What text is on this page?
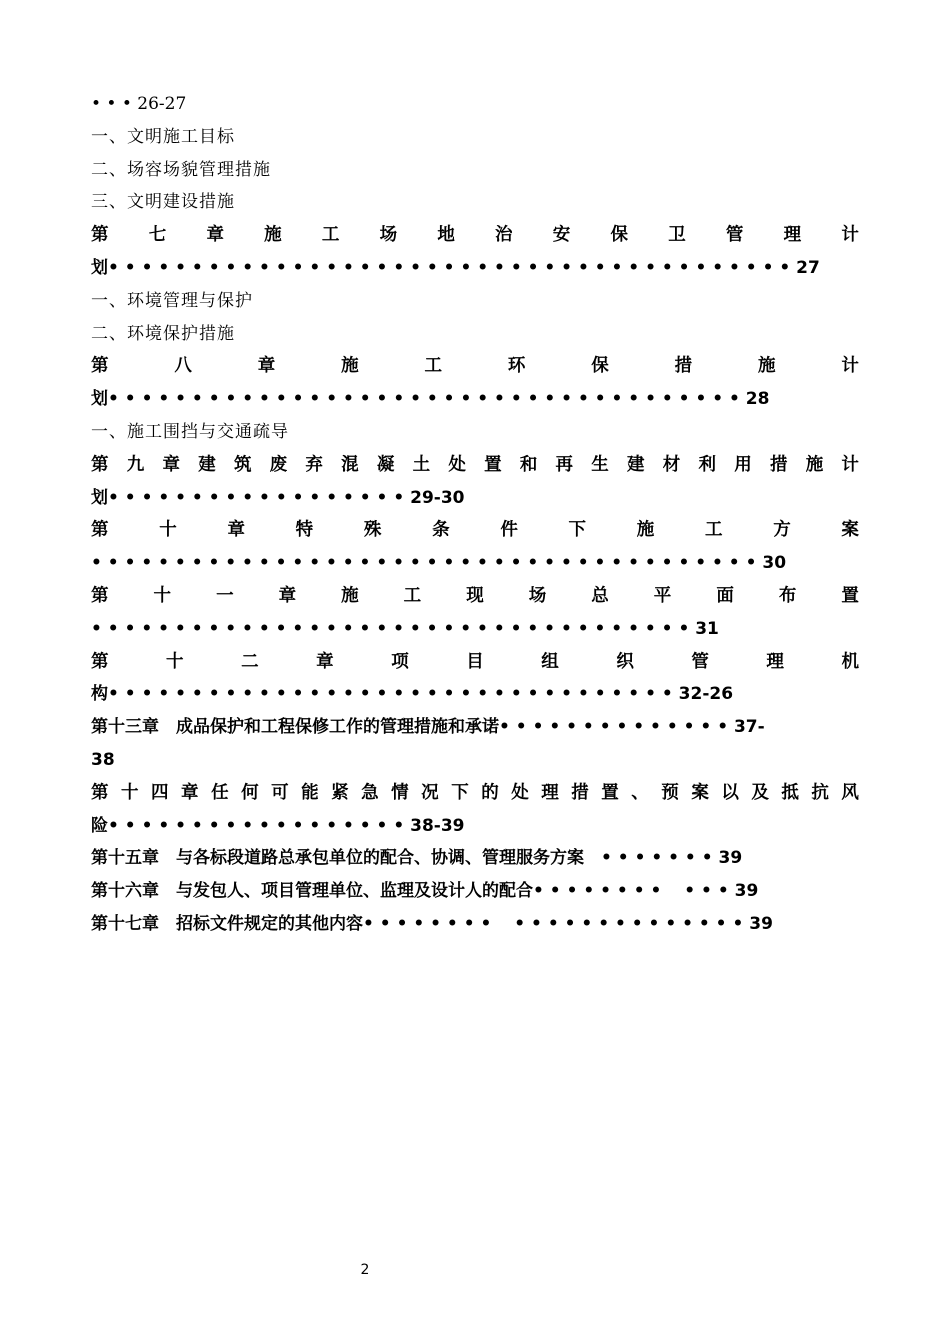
• • • 26-27
一、文明施工目标
二、场容场貌管理措施
三、文明建设措施
第 七 章 施 工 场 地 治 安 保 卫 管 理 计
划• • • • • • • • • • • • • • • • • • • • • • • • • • • • • • • • • • • • • • • • • 27
一、环境管理与保护
二、环境保护措施
第	八	章	施	工	环	保	措	施	计
划• • • • • • • • • • • • • • • • • • • • • • • • • • • • • • • • • • • • • • 28
一、施工围挡与交通疏导
第 九 章 建 筑 废 弃 混 凝 土 处 置 和 再 生 建 材 利 用 措 施 计
划• • • • • • • • • • • • • • • • • • 29-30
第	十	章	特	殊	条	件	下	施	工	方	案
• • • • • • • • • • • • • • • • • • • • • • • • • • • • • • • • • • • • • • • • 30
第	十	一	章	施	工	现	场	总	平	面	布	置
• • • • • • • • • • • • • • • • • • • • • • • • • • • • • • • • • • • • 31
第	十	二	章	项	目	组	织	管	理	机
构• • • • • • • • • • • • • • • • • • • • • • • • • • • • • • • • • • 32-26
第十三章　成品保护和工程保修工作的管理措施和承诺• • • • • • • • • • • • • • 37-
38
第 十 四 章 任 何 可 能 紧 急 情 况 下 的 处 理 措 置 、 预 案 以 及 抵 抗 风
险• • • • • • • • • • • • • • • • • • 38-39
第十五章　与各标段道路总承包单位的配合、协调、管理服务方案　• • • • • • • 39
第十六章　与发包人、项目管理单位、监理及设计人的配合• • • • • • • • 　• • • 39
第十七章　招标文件规定的其他内容• • • • • • • • 　• • • • • • • • • • • • • • 39
2
